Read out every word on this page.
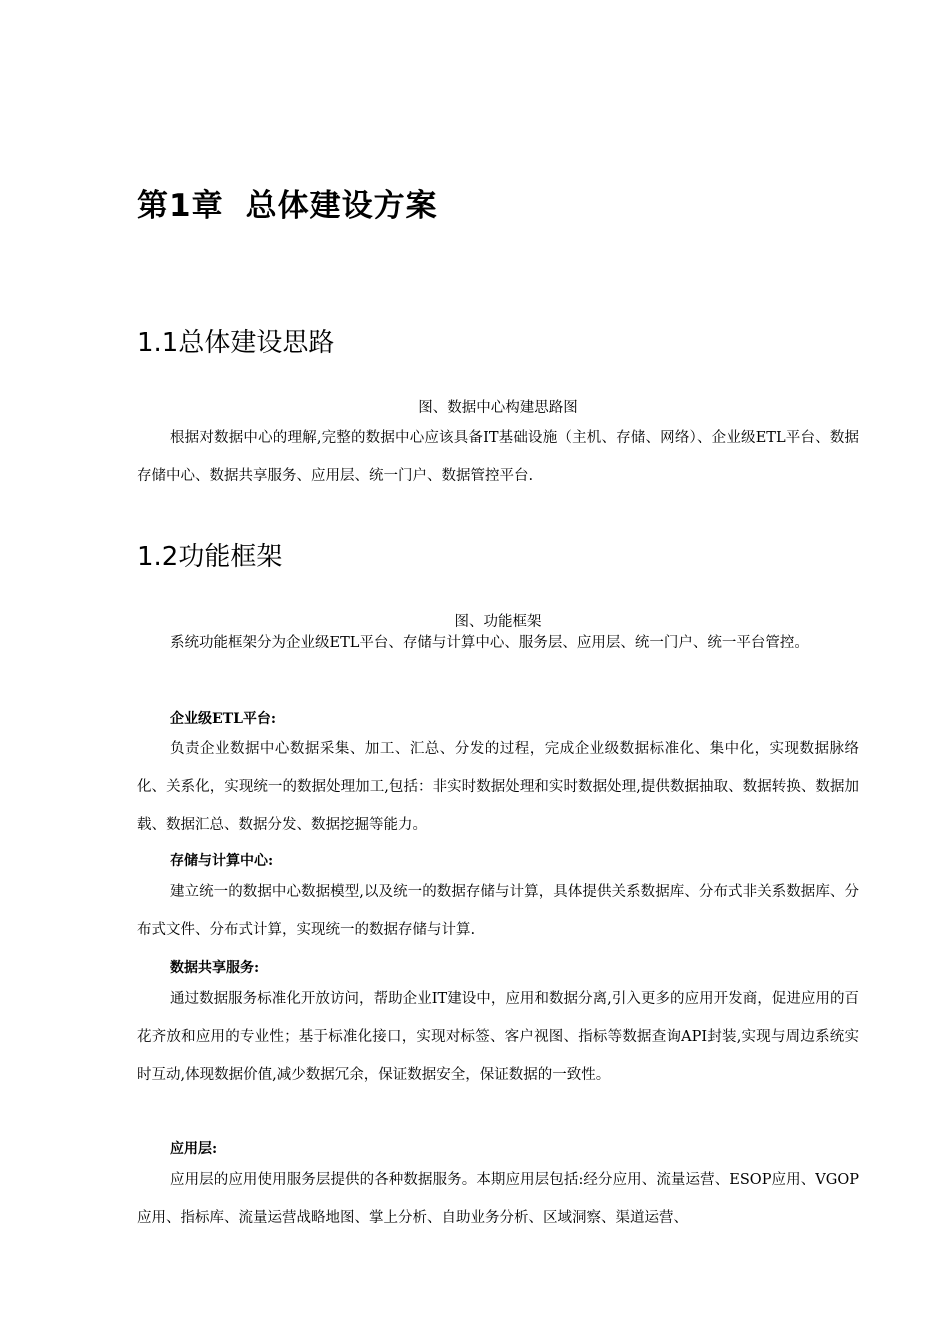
第1章 总体建设方案
1.1总体建设思路

图、数据中心构建思路图

根据对数据中心的理解,完整的数据中心应该具备IT基础设施（主机、存储、网络）、企业级ETL平台、数据存储中心、数据共享服务、应用层、统一门户、数据管控平台.

1.2功能框架

图、功能框架

系统功能框架分为企业级ETL平台、存储与计算中心、服务层、应用层、统一门户、统一平台管控。

企业级ETL平台:

负责企业数据中心数据采集、加工、汇总、分发的过程，完成企业级数据标准化、集中化，实现数据脉络化、关系化，实现统一的数据处理加工,包括：非实时数据处理和实时数据处理,提供数据抽取、数据转换、数据加载、数据汇总、数据分发、数据挖掘等能力。

存储与计算中心:

建立统一的数据中心数据模型,以及统一的数据存储与计算，具体提供关系数据库、分布式非关系数据库、分布式文件、分布式计算，实现统一的数据存储与计算.

数据共享服务:

通过数据服务标准化开放访问，帮助企业IT建设中，应用和数据分离,引入更多的应用开发商，促进应用的百花齐放和应用的专业性；基于标准化接口，实现对标签、客户视图、指标等数据查询API封装,实现与周边系统实时互动,体现数据价值,减少数据冗余，保证数据安全，保证数据的一致性。

应用层:

应用层的应用使用服务层提供的各种数据服务。本期应用层包括:经分应用、流量运营、ESOP应用、VGOP应用、指标库、流量运营战略地图、掌上分析、自助业务分析、区域洞察、渠道运营、
